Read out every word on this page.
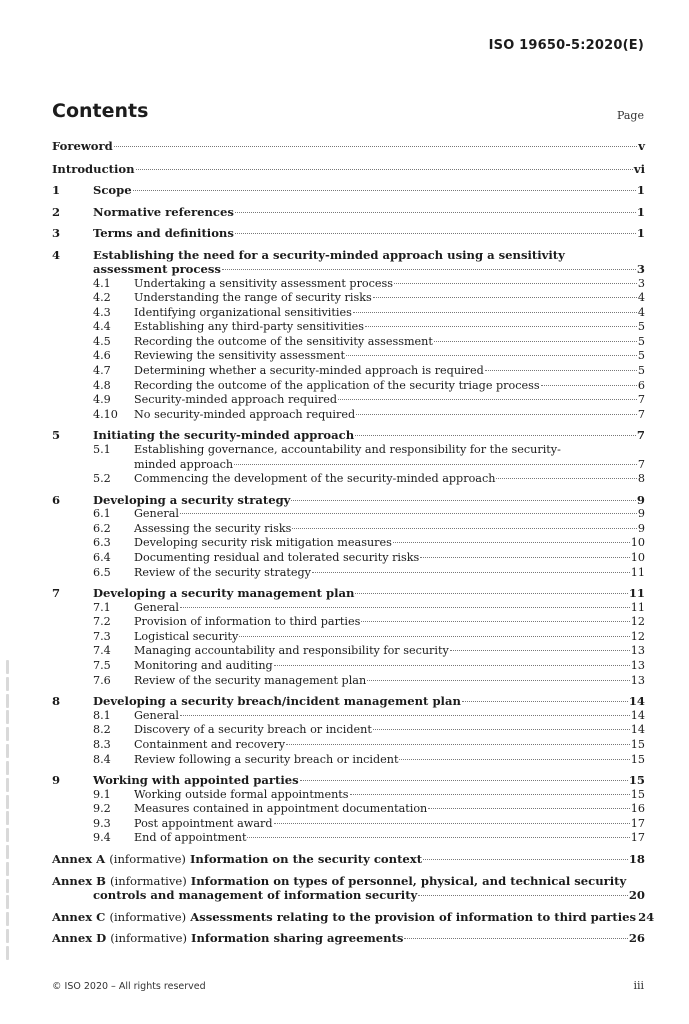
ISO 19650-5:2020(E)
Contents	Page
Foreword	v
Introduction	vi
1	Scope	1
2	Normative references	1
3	Terms and definitions	1
4	Establishing the need for a security-minded approach using a sensitivity
assessment process	3
4.1	Undertaking a sensitivity assessment process	3
4.2	Understanding the range of security risks	4
4.3	Identifying organizational sensitivities	4
4.4	Establishing any third-party sensitivities	5
4.5	Recording the outcome of the sensitivity assessment	5
4.6	Reviewing the sensitivity assessment	5
4.7	Determining whether a security-minded approach is required	5
4.8	Recording the outcome of the application of the security triage process	6
4.9	Security-minded approach required	7
4.10	No security-minded approach required	7
5	Initiating the security-minded approach	7
5.1	Establishing governance, accountability and responsibility for the security-
minded approach	7
5.2	Commencing the development of the security-minded approach	8
6	Developing a security strategy	9
6.1	General	9
6.2	Assessing the security risks	9
6.3	Developing security risk mitigation measures	10
6.4	Documenting residual and tolerated security risks	10
6.5	Review of the security strategy	11
7	Developing a security management plan	11
7.1	General	11
7.2	Provision of information to third parties	12
7.3	Logistical security	12
7.4	Managing accountability and responsibility for security	13
7.5	Monitoring and auditing	13
7.6	Review of the security management plan	13
8	Developing a security breach/incident management plan	14
8.1	General	14
8.2	Discovery of a security breach or incident	14
8.3	Containment and recovery	15
8.4	Review following a security breach or incident	15
9	Working with appointed parties	15
9.1	Working outside formal appointments	15
9.2	Measures contained in appointment documentation	16
9.3	Post appointment award	17
9.4	End of appointment	17
Annex A (informative) Information on the security context	18
Annex B (informative) Information on types of personnel, physical, and technical security
controls and management of information security	20
Annex C (informative) Assessments relating to the provision of information to third parties 24
Annex D (informative) Information sharing agreements	26
© ISO 2020 – All rights reserved	iii
